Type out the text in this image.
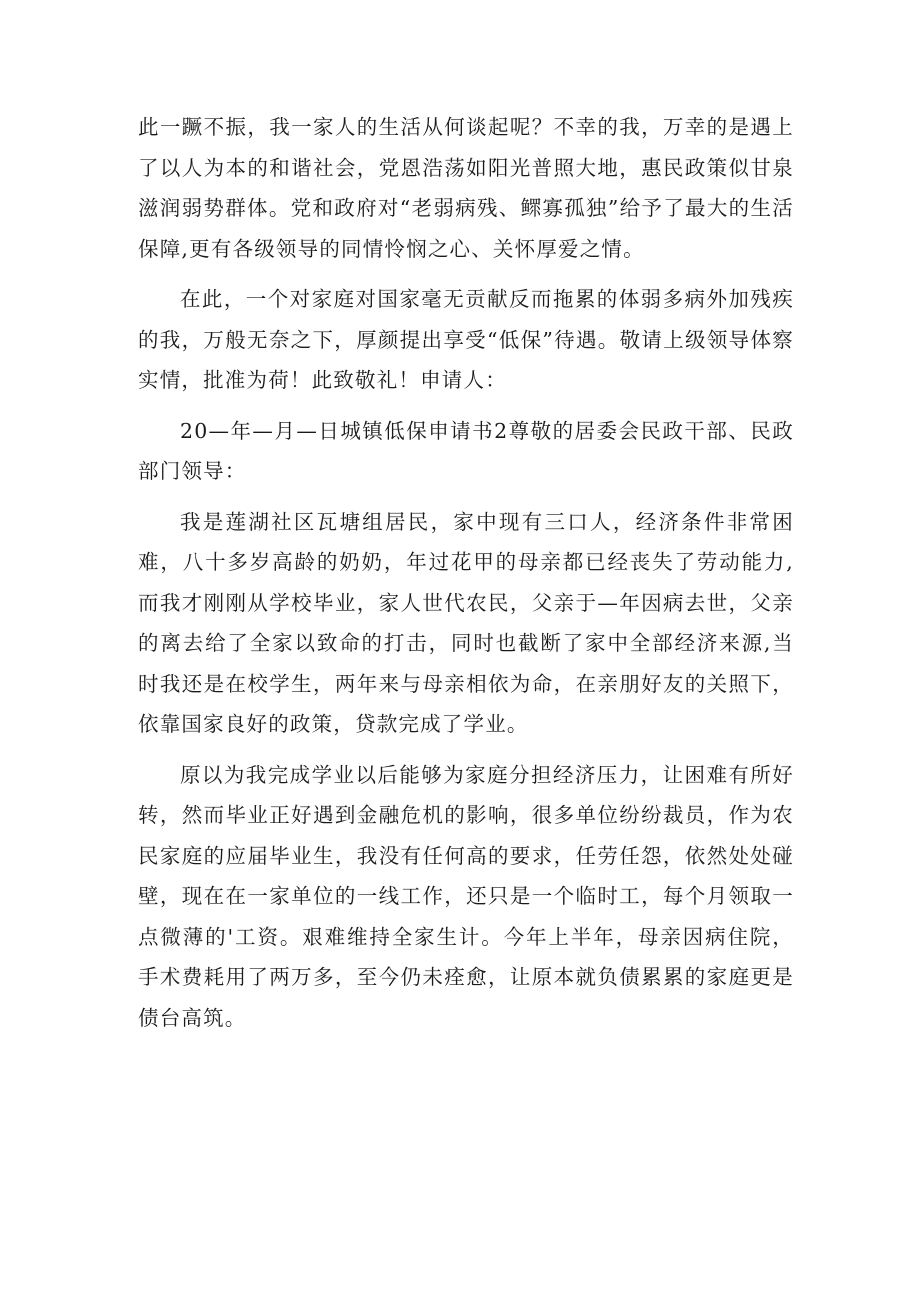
此一蹶不振，我一家人的生活从何谈起呢？不幸的我，万幸的是遇上了以人为本的和谐社会，党恩浩荡如阳光普照大地，惠民政策似甘泉滋润弱势群体。党和政府对“老弱病残、鳏寡孤独”给予了最大的生活保障,更有各级领导的同情怜悯之心、关怀厚爱之情。

在此，一个对家庭对国家毫无贡献反而拖累的体弱多病外加残疾的我，万般无奈之下，厚颜提出享受“低保”待遇。敬请上级领导体察实情，批准为荷！此致敬礼！申请人：

20—年—月—日城镇低保申请书2尊敬的居委会民政干部、民政部门领导：

我是莲湖社区瓦塘组居民，家中现有三口人，经济条件非常困难，八十多岁高龄的奶奶，年过花甲的母亲都已经丧失了劳动能力,而我才刚刚从学校毕业，家人世代农民，父亲于—年因病去世，父亲的离去给了全家以致命的打击，同时也截断了家中全部经济来源,当时我还是在校学生，两年来与母亲相依为命，在亲朋好友的关照下，依靠国家良好的政策，贷款完成了学业。

原以为我完成学业以后能够为家庭分担经济压力，让困难有所好转，然而毕业正好遇到金融危机的影响，很多单位纷纷裁员，作为农民家庭的应届毕业生，我没有任何高的要求，任劳任怨，依然处处碰壁，现在在一家单位的一线工作，还只是一个临时工，每个月领取一点微薄的'工资。艰难维持全家生计。今年上半年，母亲因病住院，手术费耗用了两万多，至今仍未痊愈，让原本就负债累累的家庭更是债台高筑。
